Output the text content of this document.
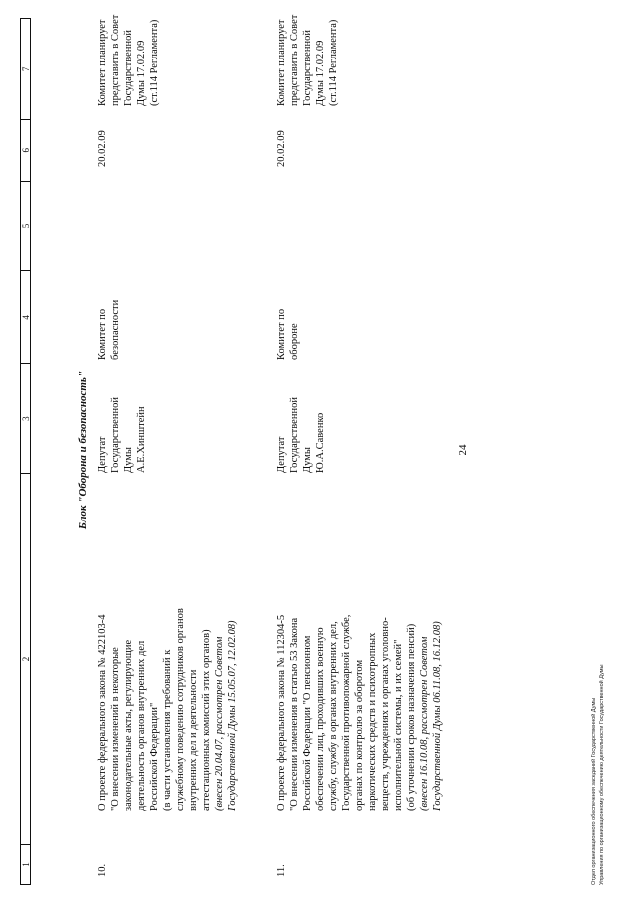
24
1
2
3
4
5
6
7
Блок "Оборона и безопасность"
10.
О проекте федерального закона № 422103-4 "О внесении изменений в некоторые законодательные акты, регулирующие деятельность органов внутренних дел Российской Федерации" (в части установления требований к служебному поведению сотрудников органов внутренних дел и деятельности аттестационных комиссий этих органов) (внесен 20.04.07, рассмотрен Советом Государственной Думы 15.05.07, 12.02.08)
Депутат Государственной Думы А.Е.Хинштейн
Комитет по безопасности
20.02.09
Комитет планирует представить в Совет Государственной Думы 17.02.09 (ст.114 Регламента)
11.
О проекте федерального закона № 112304-5 "О внесении изменения в статью 53 Закона Российской Федерации "О пенсионном обеспечении лиц, проходивших военную службу, службу в органах внутренних дел, Государственной противопожарной службе, органах по контролю за оборотом наркотических средств и психотропных веществ, учреждениях и органах уголовно- исполнительной системы, и их семей" (об уточнении сроков назначения пенсий) (внесен 16.10.08, рассмотрен Советом Государственной Думы 06.11.08, 16.12.08)
Депутат Государственной Думы Ю.А.Савенко
Комитет по обороне
20.02.09
Комитет планирует представить в Совет Государственной Думы 17.02.09 (ст.114 Регламента)
Отдел организационного обеспечения заседаний Государственной Думы Управления по организационному обеспечению деятельности Государственной Думы
